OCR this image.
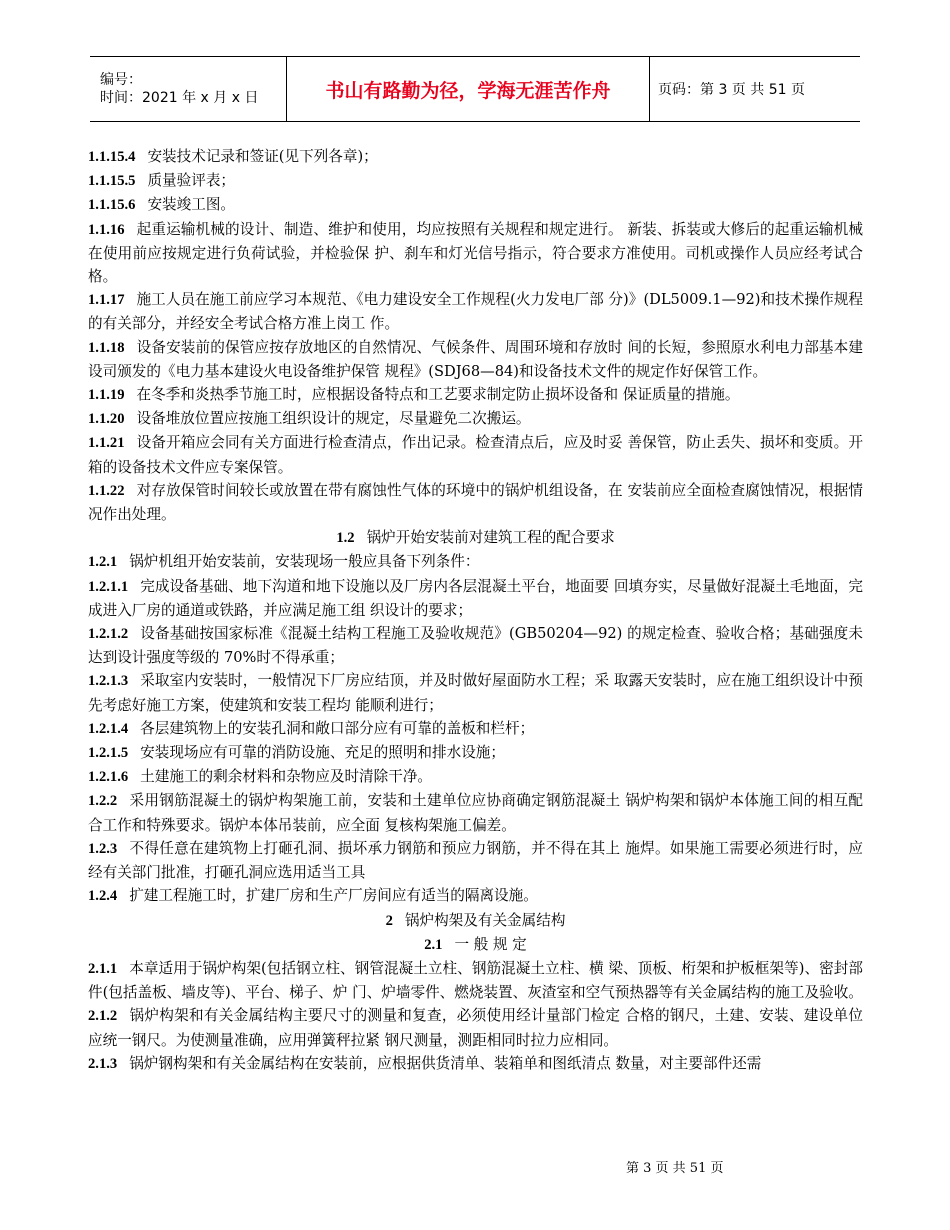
编号：
时间：2021 年 x 月 x 日	书山有路勤为径，学海无涯苦作舟	页码：第 3 页 共 51 页

1.1.15.4 安装技术记录和签证(见下列各章)；

1.1.15.5 质量验评表；

1.1.15.6 安装竣工图。

1.1.16 起重运输机械的设计、制造、维护和使用，均应按照有关规程和规定进行。 新装、拆装或大修后的起重运输机械在使用前应按规定进行负荷试验，并检验保 护、刹车和灯光信号指示，符合要求方准使用。司机或操作人员应经考试合格。

1.1.17 施工人员在施工前应学习本规范、《电力建设安全工作规程(火力发电厂部 分)》(DL5009.1—92)和技术操作规程的有关部分，并经安全考试合格方准上岗工 作。

1.1.18 设备安装前的保管应按存放地区的自然情况、气候条件、周围环境和存放时 间的长短，参照原水利电力部基本建设司颁发的《电力基本建设火电设备维护保管 规程》(SDJ68—84)和设备技术文件的规定作好保管工作。

1.1.19 在冬季和炎热季节施工时，应根据设备特点和工艺要求制定防止损坏设备和 保证质量的措施。

1.1.20 设备堆放位置应按施工组织设计的规定，尽量避免二次搬运。

1.1.21 设备开箱应会同有关方面进行检查清点，作出记录。检查清点后，应及时妥 善保管，防止丢失、损坏和变质。开箱的设备技术文件应专案保管。

1.1.22 对存放保管时间较长或放置在带有腐蚀性气体的环境中的锅炉机组设备，在 安装前应全面检查腐蚀情况，根据情况作出处理。

1.2 锅炉开始安装前对建筑工程的配合要求

1.2.1 锅炉机组开始安装前，安装现场一般应具备下列条件：

1.2.1.1 完成设备基础、地下沟道和地下设施以及厂房内各层混凝土平台，地面要 回填夯实，尽量做好混凝土毛地面，完成进入厂房的通道或铁路，并应满足施工组 织设计的要求；

1.2.1.2 设备基础按国家标准《混凝土结构工程施工及验收规范》(GB50204—92) 的规定检查、验收合格；基础强度未达到设计强度等级的 70%时不得承重；

1.2.1.3 采取室内安装时，一般情况下厂房应结顶，并及时做好屋面防水工程；采 取露天安装时，应在施工组织设计中预先考虑好施工方案，使建筑和安装工程均 能顺利进行；

1.2.1.4 各层建筑物上的安装孔洞和敞口部分应有可靠的盖板和栏杆；

1.2.1.5 安装现场应有可靠的消防设施、充足的照明和排水设施；

1.2.1.6 土建施工的剩余材料和杂物应及时清除干净。

1.2.2 采用钢筋混凝土的锅炉构架施工前，安装和土建单位应协商确定钢筋混凝土 锅炉构架和锅炉本体施工间的相互配合工作和特殊要求。锅炉本体吊装前，应全面 复核构架施工偏差。

1.2.3 不得任意在建筑物上打砸孔洞、损坏承力钢筋和预应力钢筋，并不得在其上 施焊。如果施工需要必须进行时，应经有关部门批准，打砸孔洞应选用适当工具

1.2.4 扩建工程施工时，扩建厂房和生产厂房间应有适当的隔离设施。

2 锅炉构架及有关金属结构

2.1 一 般 规 定

2.1.1 本章适用于锅炉构架(包括钢立柱、钢管混凝土立柱、钢筋混凝土立柱、横 梁、顶板、桁架和护板框架等)、密封部件(包括盖板、墙皮等)、平台、梯子、炉 门、炉墙零件、燃烧装置、灰渣室和空气预热器等有关金属结构的施工及验收。

2.1.2 锅炉构架和有关金属结构主要尺寸的测量和复查，必须使用经计量部门检定 合格的钢尺，土建、安装、建设单位应统一钢尺。为使测量准确，应用弹簧秤拉紧 钢尺测量，测距相同时拉力应相同。

2.1.3 锅炉钢构架和有关金属结构在安装前，应根据供货清单、装箱单和图纸清点 数量，对主要部件还需

第 3 页 共 51 页
